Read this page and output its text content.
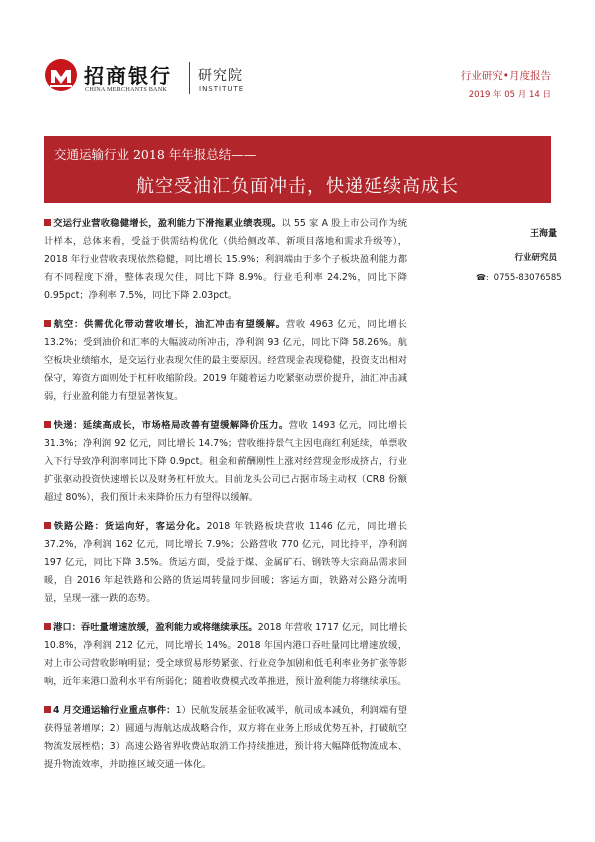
招商银行
CHINA MERCHANTS BANK
研究院
INSTITUTE
行业研究•月度报告
2019 年 05 月 14 日
交通运输行业 2018 年年报总结——
航空受油汇负面冲击，快递延续高成长

交运行业营收稳健增长，盈利能力下滑拖累业绩表现。以 55 家 A 股上市公司作为统计样本，总体来看，受益于供需结构优化（供给侧改革、新项目落地和需求升级等），2018 年行业营收表现依然稳健，同比增长 15.9%；利润端由于多个子板块盈利能力都有不同程度下滑，整体表现欠佳，同比下降 8.9%。行业毛利率 24.2%，同比下降 0.95pct；净利率 7.5%，同比下降 2.03pct。

航空：供需优化带动营收增长，油汇冲击有望缓解。营收 4963 亿元，同比增长 13.2%；受到油价和汇率的大幅波动所冲击，净利润 93 亿元，同比下降 58.26%。航空板块业绩缩水，是交运行业表现欠佳的最主要原因。经营现金表现稳健，投资支出相对保守，筹资方面则处于杠杆收缩阶段。2019 年随着运力吃紧驱动票价提升，油汇冲击减弱，行业盈利能力有望显著恢复。

快递：延续高成长，市场格局改善有望缓解降价压力。营收 1493 亿元，同比增长 31.3%；净利润 92 亿元，同比增长 14.7%；营收维持景气主因电商红利延续，单票收入下行导致净利润率同比下降 0.9pct。租金和薪酬刚性上涨对经营现金形成挤占，行业扩张驱动投资快速增长以及财务杠杆放大。目前龙头公司已占据市场主动权（CR8 份额超过 80%），我们预计未来降价压力有望得以缓解。

铁路公路：货运向好，客运分化。2018 年铁路板块营收 1146 亿元，同比增长 37.2%，净利润 162 亿元，同比增长 7.9%；公路营收 770 亿元，同比持平，净利润 197 亿元，同比下降 3.5%。货运方面，受益于煤、金属矿石、钢铁等大宗商品需求回暖，自 2016 年起铁路和公路的货运周转量同步回暖；客运方面，铁路对公路分流明显，呈现一涨一跌的态势。

港口：吞吐量增速放缓，盈利能力或将继续承压。2018 年营收 1717 亿元，同比增长 10.8%，净利润 212 亿元，同比增长 14%。2018 年国内港口吞吐量同比增速放缓，对上市公司营收影响明显；受全球贸易形势紧张、行业竞争加剧和低毛利率业务扩张等影响，近年来港口盈利水平有所弱化；随着收费模式改革推进，预计盈利能力将继续承压。

4 月交通运输行业重点事件：1）民航发展基金征收减半，航司成本减负，利润端有望获得显著增厚；2）圆通与海航达成战略合作，双方将在业务上形成优势互补，打破航空物流发展桎梏；3）高速公路省界收费站取消工作持续推进，预计将大幅降低物流成本、提升物流效率，并助推区域交通一体化。

王海量
行业研究员
☎: 0755-83076585
